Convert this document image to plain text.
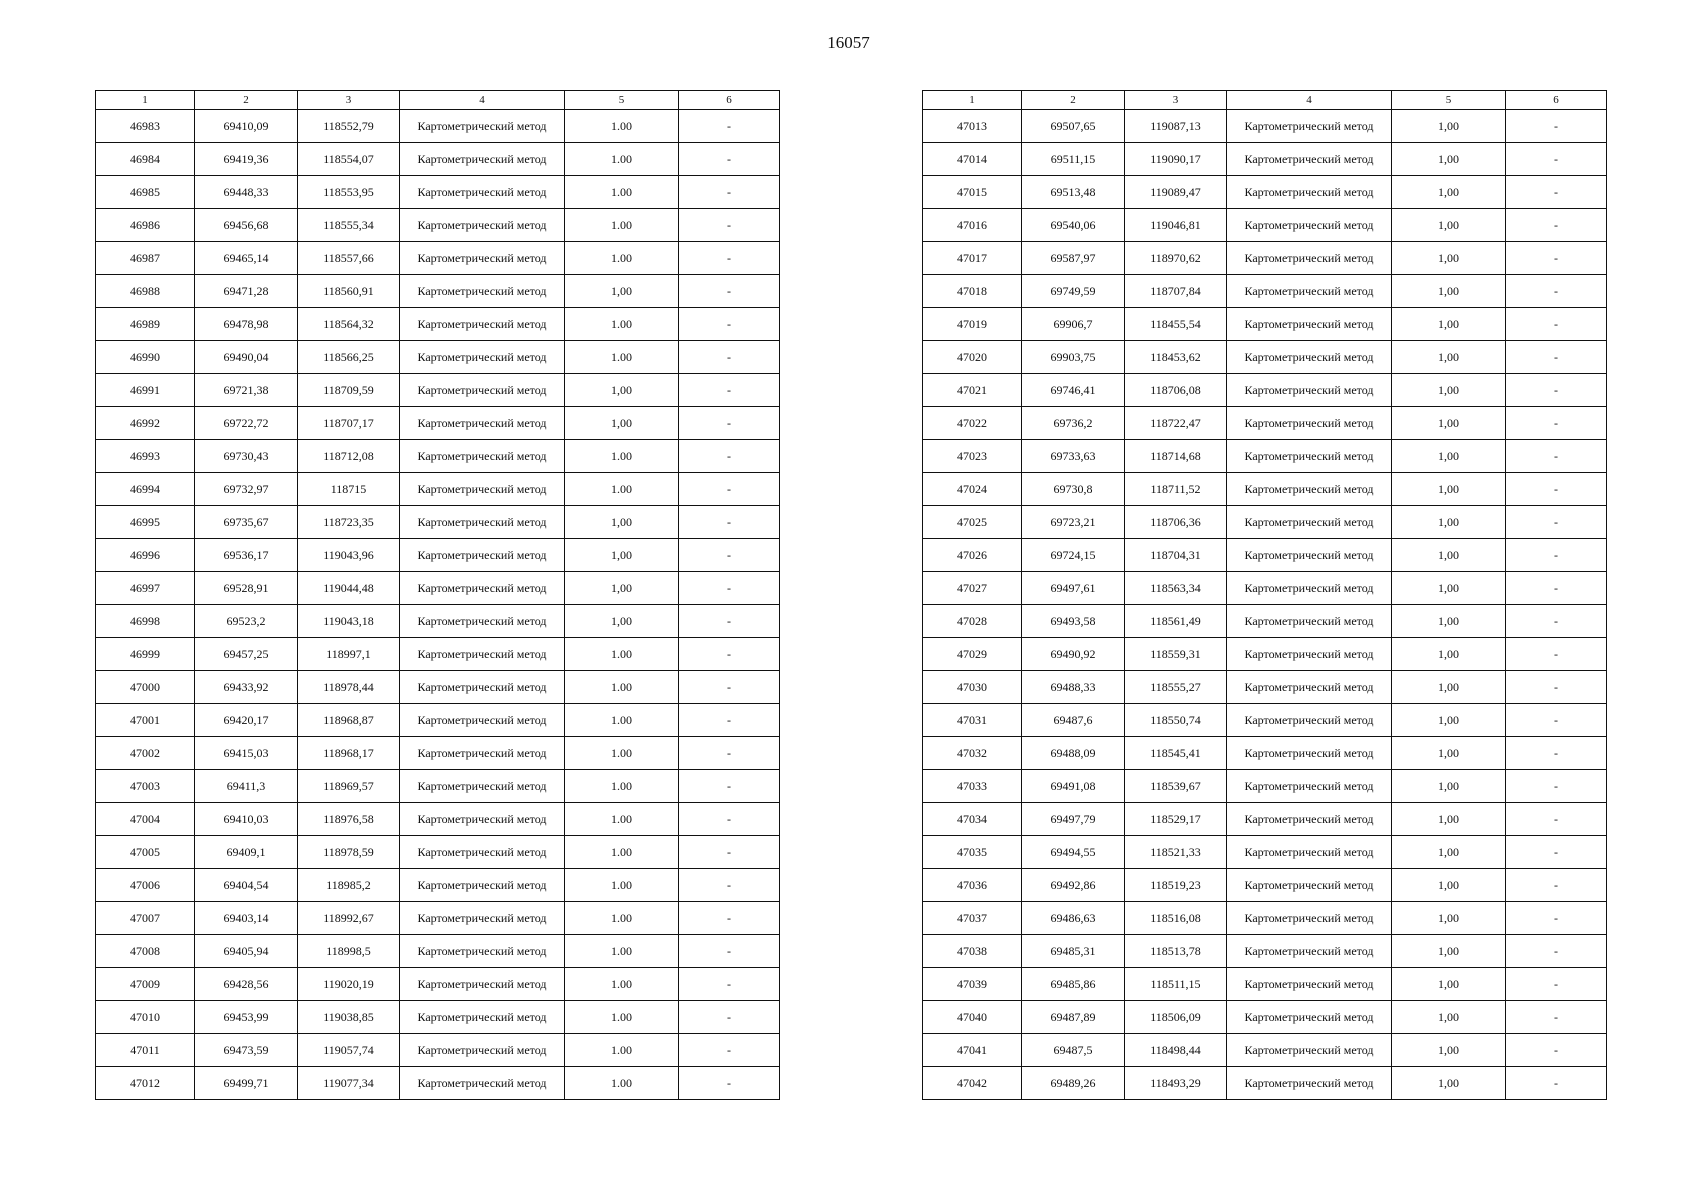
16057
1	2	3	4	5	6
46983	69410,09	118552,79	Картометрический метод	1.00	-
46984	69419,36	118554,07	Картометрический метод	1.00	-
46985	69448,33	118553,95	Картометрический метод	1.00	-
46986	69456,68	118555,34	Картометрический метод	1.00	-
46987	69465,14	118557,66	Картометрический метод	1.00	-
46988	69471,28	118560,91	Картометрический метод	1,00	-
46989	69478,98	118564,32	Картометрический метод	1.00	-
46990	69490,04	118566,25	Картометрический метод	1.00	-
46991	69721,38	118709,59	Картометрический метод	1,00	-
46992	69722,72	118707,17	Картометрический метод	1,00	-
46993	69730,43	118712,08	Картометрический метод	1.00	-
46994	69732,97	118715	Картометрический метод	1.00	-
46995	69735,67	118723,35	Картометрический метод	1,00	-
46996	69536,17	119043,96	Картометрический метод	1,00	-
46997	69528,91	119044,48	Картометрический метод	1,00	-
46998	69523,2	119043,18	Картометрический метод	1,00	-
46999	69457,25	118997,1	Картометрический метод	1.00	-
47000	69433,92	118978,44	Картометрический метод	1.00	-
47001	69420,17	118968,87	Картометрический метод	1.00	-
47002	69415,03	118968,17	Картометрический метод	1.00	-
47003	69411,3	118969,57	Картометрический метод	1.00	-
47004	69410,03	118976,58	Картометрический метод	1.00	-
47005	69409,1	118978,59	Картометрический метод	1.00	-
47006	69404,54	118985,2	Картометрический метод	1.00	-
47007	69403,14	118992,67	Картометрический метод	1.00	-
47008	69405,94	118998,5	Картометрический метод	1.00	-
47009	69428,56	119020,19	Картометрический метод	1.00	-
47010	69453,99	119038,85	Картометрический метод	1.00	-
47011	69473,59	119057,74	Картометрический метод	1.00	-
47012	69499,71	119077,34	Картометрический метод	1.00	-
1	2	3	4	5	6
47013	69507,65	119087,13	Картометрический метод	1,00	-
47014	69511,15	119090,17	Картометрический метод	1,00	-
47015	69513,48	119089,47	Картометрический метод	1,00	-
47016	69540,06	119046,81	Картометрический метод	1,00	-
47017	69587,97	118970,62	Картометрический метод	1,00	-
47018	69749,59	118707,84	Картометрический метод	1,00	-
47019	69906,7	118455,54	Картометрический метод	1,00	-
47020	69903,75	118453,62	Картометрический метод	1,00	-
47021	69746,41	118706,08	Картометрический метод	1,00	-
47022	69736,2	118722,47	Картометрический метод	1,00	-
47023	69733,63	118714,68	Картометрический метод	1,00	-
47024	69730,8	118711,52	Картометрический метод	1,00	-
47025	69723,21	118706,36	Картометрический метод	1,00	-
47026	69724,15	118704,31	Картометрический метод	1,00	-
47027	69497,61	118563,34	Картометрический метод	1,00	-
47028	69493,58	118561,49	Картометрический метод	1,00	-
47029	69490,92	118559,31	Картометрический метод	1,00	-
47030	69488,33	118555,27	Картометрический метод	1,00	-
47031	69487,6	118550,74	Картометрический метод	1,00	-
47032	69488,09	118545,41	Картометрический метод	1,00	-
47033	69491,08	118539,67	Картометрический метод	1,00	-
47034	69497,79	118529,17	Картометрический метод	1,00	-
47035	69494,55	118521,33	Картометрический метод	1,00	-
47036	69492,86	118519,23	Картометрический метод	1,00	-
47037	69486,63	118516,08	Картометрический метод	1,00	-
47038	69485,31	118513,78	Картометрический метод	1,00	-
47039	69485,86	118511,15	Картометрический метод	1,00	-
47040	69487,89	118506,09	Картометрический метод	1,00	-
47041	69487,5	118498,44	Картометрический метод	1,00	-
47042	69489,26	118493,29	Картометрический метод	1,00	-
